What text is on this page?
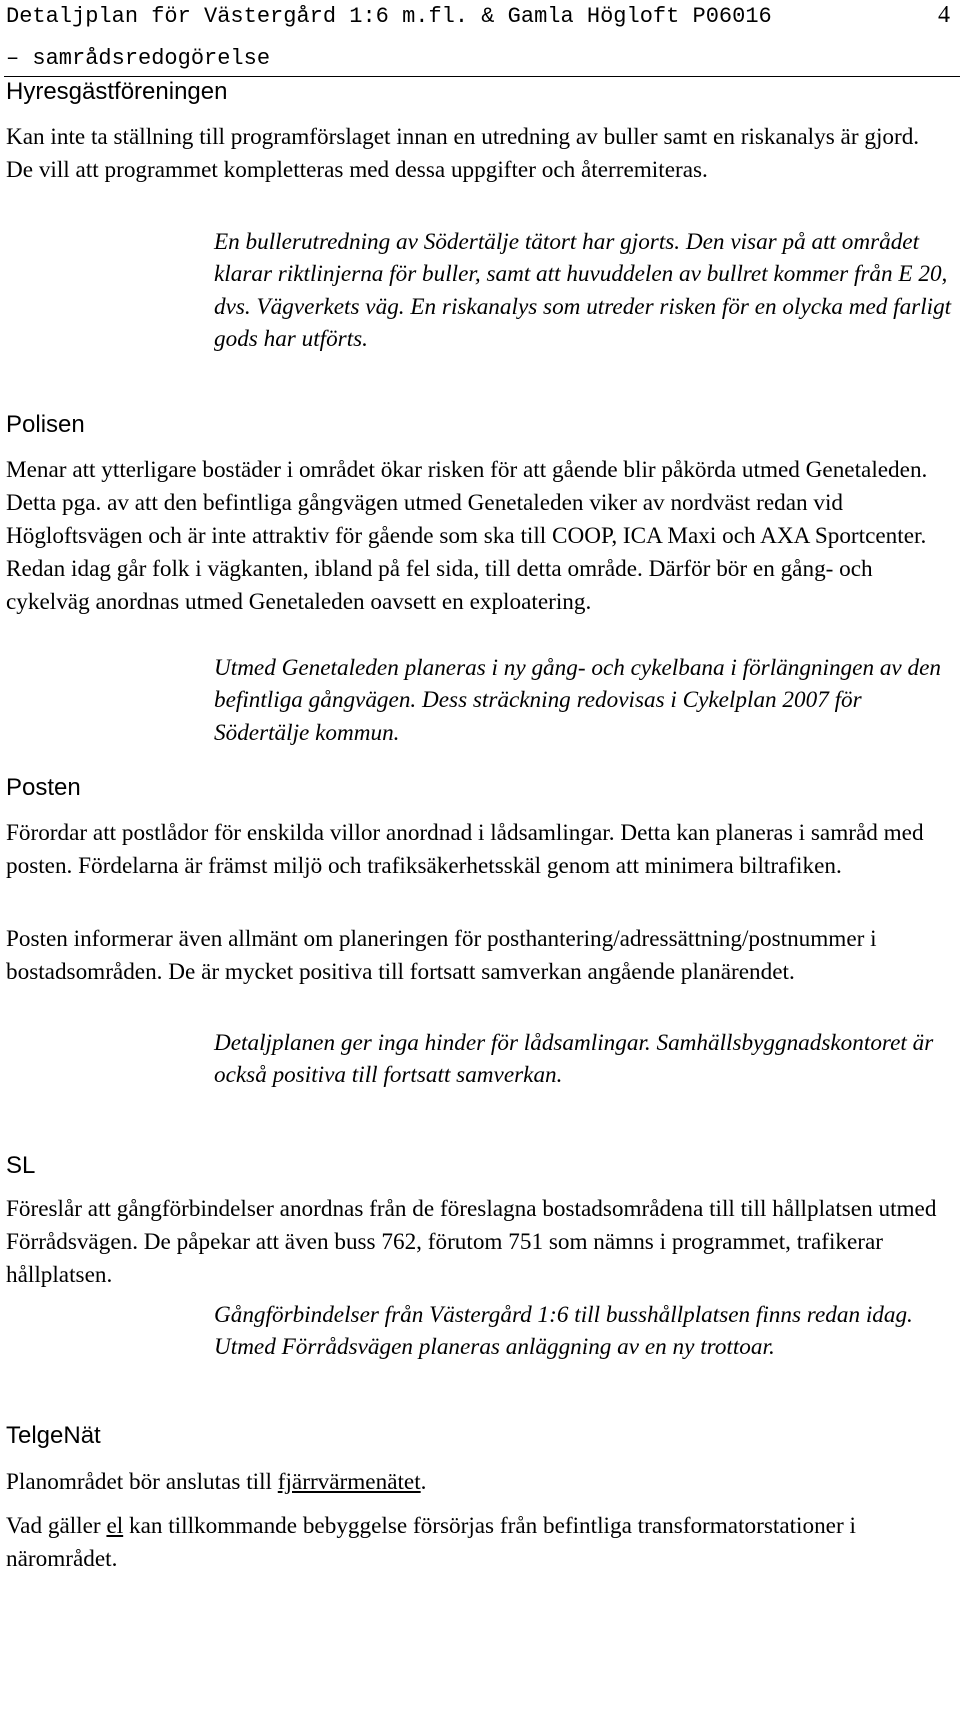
Detaljplan för Västergård 1:6 m.fl. & Gamla Högloft P06016
– samrådsredogörelse
4
Hyresgästföreningen

Kan inte ta ställning till programförslaget innan en utredning av buller samt en riskanalys är gjord. De vill att programmet kompletteras med dessa uppgifter och återremiteras.

En bullerutredning av Södertälje tätort har gjorts. Den visar på att området klarar riktlinjerna för buller, samt att huvuddelen av bullret kommer från E 20, dvs. Vägverkets väg. En riskanalys som utreder risken för en olycka med farligt gods har utförts.

Polisen

Menar att ytterligare bostäder i området ökar risken för att gående blir påkörda utmed Genetaleden. Detta pga. av att den befintliga gångvägen utmed Genetaleden viker av nordväst redan vid Högloftsvägen och är inte attraktiv för gående som ska till COOP, ICA Maxi och AXA Sportcenter. Redan idag går folk i vägkanten, ibland på fel sida, till detta område. Därför bör en gång- och cykelväg anordnas utmed Genetaleden oavsett en exploatering.

Utmed Genetaleden planeras i ny gång- och cykelbana i förlängningen av den befintliga gångvägen. Dess sträckning redovisas i Cykelplan 2007 för Södertälje kommun.

Posten

Förordar att postlådor för enskilda villor anordnad i lådsamlingar. Detta kan planeras i samråd med posten. Fördelarna är främst miljö och trafiksäkerhetsskäl genom att minimera biltrafiken.

Posten informerar även allmänt om planeringen för posthantering/adressättning/postnummer i bostadsområden. De är mycket positiva till fortsatt samverkan angående planärendet.

Detaljplanen ger inga hinder för lådsamlingar. Samhällsbyggnadskontoret är också positiva till fortsatt samverkan.

SL

Föreslår att gångförbindelser anordnas från de föreslagna bostadsområdena till till hållplatsen utmed Förrådsvägen. De påpekar att även buss 762, förutom 751 som nämns i programmet, trafikerar hållplatsen.

Gångförbindelser från Västergård 1:6 till busshållplatsen finns redan idag. Utmed Förrådsvägen planeras anläggning av en ny trottoar.

TelgeNät

Planområdet bör anslutas till fjärrvärmenätet.

Vad gäller el kan tillkommande bebyggelse försörjas från befintliga transformatorstationer i närområdet.
